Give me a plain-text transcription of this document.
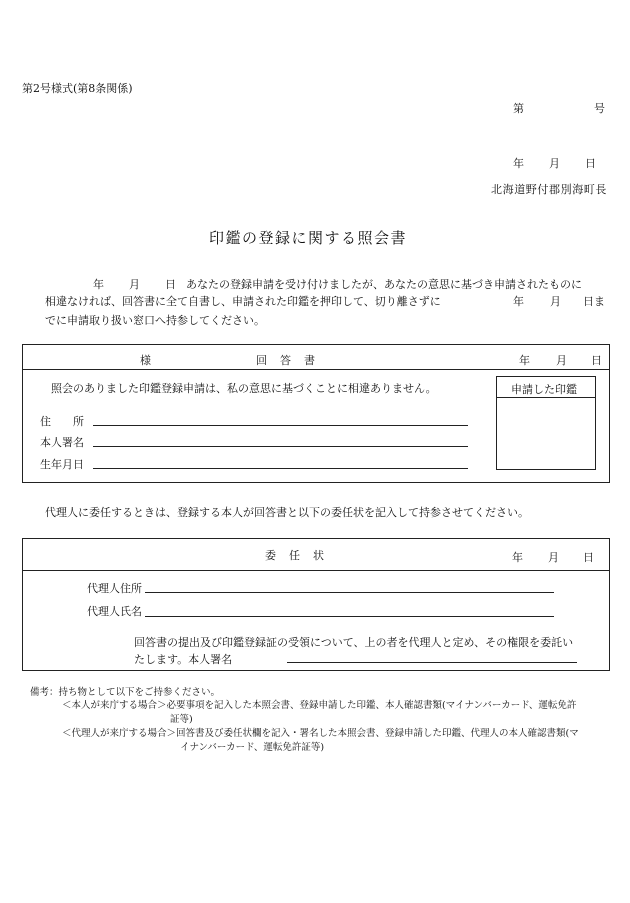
第2号様式(第8条関係)
第	号
年 月 日
北海道野付郡別海町長
印鑑の登録に関する照会書
年 月 日 あなたの登録申請を受け付けましたが、あなたの意思に基づき申請されたものに
相違なければ、回答書に全て自書し、申請された印鑑を押印して、切り離さずに	年 月 日ま
でに申請取り扱い窓口へ持参してください。
様	回　答　書	年 月 日
照会のありました印鑑登録申請は、私の意思に基づくことに相違ありません。	申請した印鑑
住　　所
本人署名
生年月日
代理人に委任するときは、登録する本人が回答書と以下の委任状を記入して持参させてください。
委　任　状	年 月 日
代理人住所
代理人氏名
回答書の提出及び印鑑登録証の受領について、上の者を代理人と定め、その権限を委託い
たします。本人署名
備考：持ち物として以下をご持参ください。
＜本人が来庁する場合＞必要事項を記入した本照会書、登録申請した印鑑、本人確認書類(マイナンバーカード、運転免許
証等)
＜代理人が来庁する場合＞回答書及び委任状欄を記入・署名した本照会書、登録申請した印鑑、代理人の本人確認書類(マ
イナンバーカード、運転免許証等)
